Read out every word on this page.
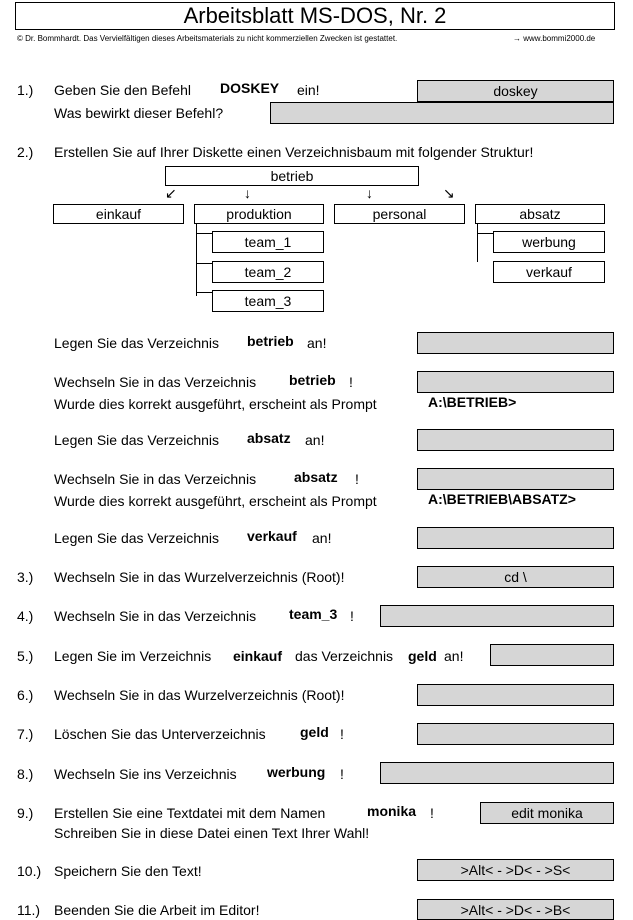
Arbeitsblatt MS-DOS, Nr. 2
© Dr. Bommhardt. Das Vervielfältigen dieses Arbeitsmaterials zu nicht kommerziellen Zwecken ist gestattet.	→ www.bommi2000.de
1.) Geben Sie den Befehl DOSKEY ein!	doskey
Was bewirkt dieser Befehl?
2.) Erstellen Sie auf Ihrer Diskette einen Verzeichnisbaum mit folgender Struktur!
betrieb
↙	↓	↓	↘
einkauf	produktion	personal	absatz
team_1
team_2
team_3
werbung
verkauf
Legen Sie das Verzeichnis betrieb an!
Wechseln Sie in das Verzeichnis betrieb !
Wurde dies korrekt ausgeführt, erscheint als Prompt	A:\BETRIEB>
Legen Sie das Verzeichnis absatz an!
Wechseln Sie in das Verzeichnis	absatz !
Wurde dies korrekt ausgeführt, erscheint als Prompt	A:\BETRIEB\ABSATZ>
Legen Sie das Verzeichnis verkauf an!
3.) Wechseln Sie in das Wurzelverzeichnis (Root)!	cd \
4.) Wechseln Sie in das Verzeichnis team_3 !
5.) Legen Sie im Verzeichnis einkauf das Verzeichnis geld an!
6.) Wechseln Sie in das Wurzelverzeichnis (Root)!
7.) Löschen Sie das Unterverzeichnis geld !
8.) Wechseln Sie ins Verzeichnis werbung !
9.) Erstellen Sie eine Textdatei mit dem Namen	monika !	edit monika
Schreiben Sie in diese Datei einen Text Ihrer Wahl!
10.) Speichern Sie den Text!	>Alt< - >D< - >S<
11.) Beenden Sie die Arbeit im Editor!	>Alt< - >D< - >B<
